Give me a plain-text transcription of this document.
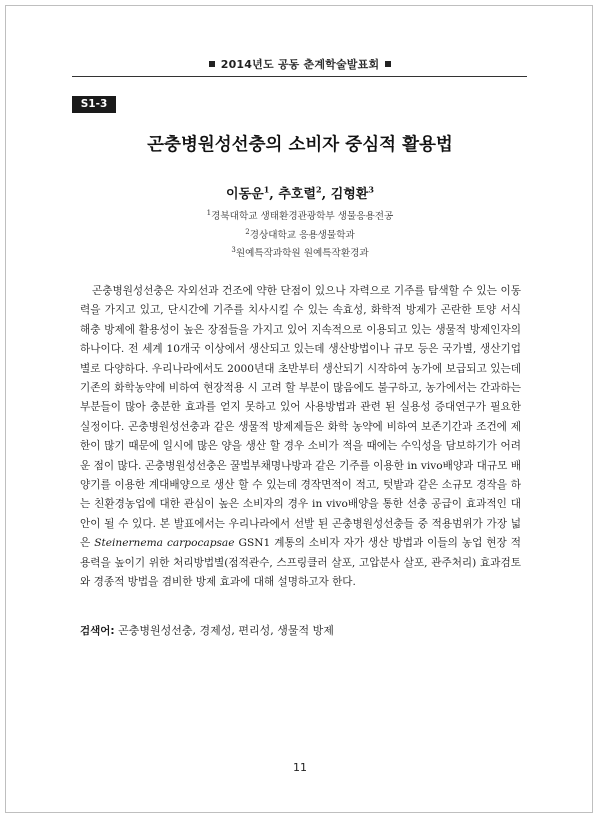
2014년도 공동 춘계학술발표회
S1-3
곤충병원성선충의 소비자 중심적 활용법
이동운$^1$, 추호렬$^2$, 김형환$^3$
$^1$경북대학교 생태환경관광학부 생물응용전공
$^2$경상대학교 응용생물학과
$^3$원예특작과학원 원예특작환경과

곤충병원성선충은 자외선과 건조에 약한 단점이 있으나 자력으로 기주를 탐색할 수 있는 이동력을 가지고 있고, 단시간에 기주를 치사시킬 수 있는 속효성, 화학적 방제가 곤란한 토양 서식 해충 방제에 활용성이 높은 장점들을 가지고 있어 지속적으로 이용되고 있는 생물적 방제인자의 하나이다. 전 세계 10개국 이상에서 생산되고 있는데 생산방법이나 규모 등은 국가별, 생산기업별로 다양하다. 우리나라에서도 2000년대 초반부터 생산되기 시작하여 농가에 보급되고 있는데 기존의 화학농약에 비하여 현장적용 시 고려 할 부분이 많음에도 불구하고, 농가에서는 간과하는 부분들이 많아 충분한 효과를 얻지 못하고 있어 사용방법과 관련 된 실용성 증대연구가 필요한 실정이다. 곤충병원성선충과 같은 생물적 방제제들은 화학 농약에 비하여 보존기간과 조건에 제한이 많기 때문에 일시에 많은 양을 생산 할 경우 소비가 적을 때에는 수익성을 담보하기가 어려운 점이 많다. 곤충병원성선충은 꿀벌부채명나방과 같은 기주를 이용한 in vivo배양과 대규모 배양기를 이용한 계대배양으로 생산 할 수 있는데 경작면적이 적고, 텃밭과 같은 소규모 경작을 하는 친환경농업에 대한 관심이 높은 소비자의 경우 in vivo배양을 통한 선충 공급이 효과적인 대안이 될 수 있다. 본 발표에서는 우리나라에서 선발 된 곤충병원성선충들 중 적용범위가 가장 넓은 Steinernema carpocapsae GSN1 계통의 소비자 자가 생산 방법과 이들의 농업 현장 적용력을 높이기 위한 처리방법별(점적관수, 스프링클러 살포, 고압분사 살포, 관주처리) 효과검토와 경종적 방법을 겸비한 방제 효과에 대해 설명하고자 한다.

검색어: 곤충병원성선충, 경제성, 편리성, 생물적 방제
11
